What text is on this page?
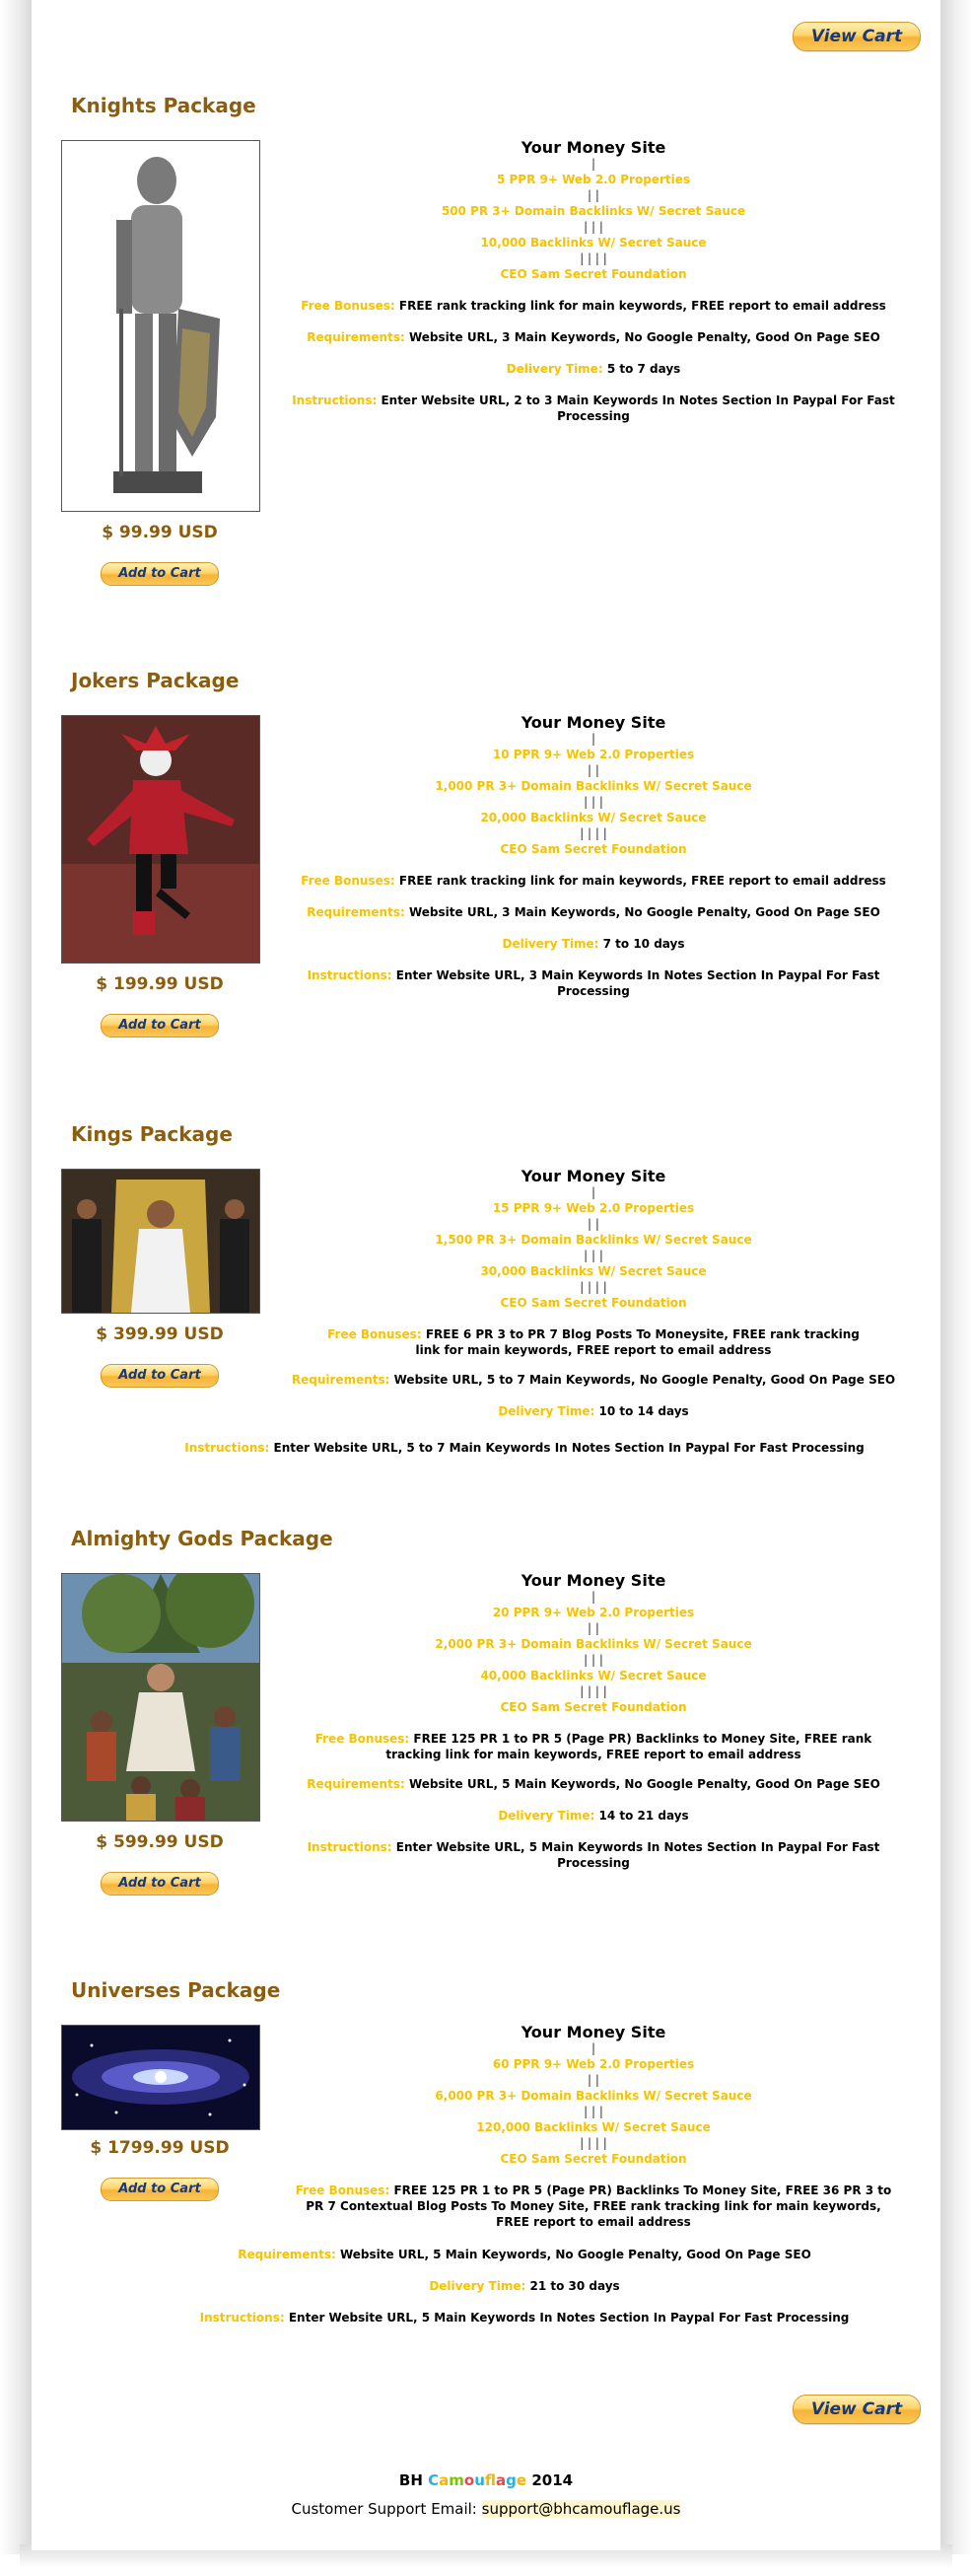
View Cart
Knights Package
$ 99.99 USD
Add to Cart
Your Money Site
|
5 PPR 9+ Web 2.0 Properties
| |
500 PR 3+ Domain Backlinks W/ Secret Sauce
| | |
10,000 Backlinks W/ Secret Sauce
| | | |
CEO Sam Secret Foundation
Free Bonuses: FREE rank tracking link for main keywords, FREE report to email address
Requirements: Website URL, 3 Main Keywords, No Google Penalty, Good On Page SEO
Delivery Time: 5 to 7 days
Instructions: Enter Website URL, 2 to 3 Main Keywords In Notes Section In Paypal For Fast Processing
Jokers Package
$ 199.99 USD
Add to Cart
Your Money Site
|
10 PPR 9+ Web 2.0 Properties
| |
1,000 PR 3+ Domain Backlinks W/ Secret Sauce
| | |
20,000 Backlinks W/ Secret Sauce
| | | |
CEO Sam Secret Foundation
Free Bonuses: FREE rank tracking link for main keywords, FREE report to email address
Requirements: Website URL, 3 Main Keywords, No Google Penalty, Good On Page SEO
Delivery Time: 7 to 10 days
Instructions: Enter Website URL, 3 Main Keywords In Notes Section In Paypal For Fast Processing
Kings Package
$ 399.99 USD
Add to Cart
Your Money Site
|
15 PPR 9+ Web 2.0 Properties
| |
1,500 PR 3+ Domain Backlinks W/ Secret Sauce
| | |
30,000 Backlinks W/ Secret Sauce
| | | |
CEO Sam Secret Foundation
Free Bonuses: FREE 6 PR 3 to PR 7 Blog Posts To Moneysite, FREE rank tracking link for main keywords, FREE report to email address
Requirements: Website URL, 5 to 7 Main Keywords, No Google Penalty, Good On Page SEO
Delivery Time: 10 to 14 days
Instructions: Enter Website URL, 5 to 7 Main Keywords In Notes Section In Paypal For Fast Processing
Almighty Gods Package
$ 599.99 USD
Add to Cart
Your Money Site
|
20 PPR 9+ Web 2.0 Properties
| |
2,000 PR 3+ Domain Backlinks W/ Secret Sauce
| | |
40,000 Backlinks W/ Secret Sauce
| | | |
CEO Sam Secret Foundation
Free Bonuses: FREE 125 PR 1 to PR 5 (Page PR) Backlinks to Money Site, FREE rank tracking link for main keywords, FREE report to email address
Requirements: Website URL, 5 Main Keywords, No Google Penalty, Good On Page SEO
Delivery Time: 14 to 21 days
Instructions: Enter Website URL, 5 Main Keywords In Notes Section In Paypal For Fast Processing
Universes Package
$ 1799.99 USD
Add to Cart
Your Money Site
|
60 PPR 9+ Web 2.0 Properties
| |
6,000 PR 3+ Domain Backlinks W/ Secret Sauce
| | |
120,000 Backlinks W/ Secret Sauce
| | | |
CEO Sam Secret Foundation
Free Bonuses: FREE 125 PR 1 to PR 5 (Page PR) Backlinks To Money Site, FREE 36 PR 3 to PR 7 Contextual Blog Posts To Money Site, FREE rank tracking link for main keywords, FREE report to email address
Requirements: Website URL, 5 Main Keywords, No Google Penalty, Good On Page SEO
Delivery Time: 21 to 30 days
Instructions: Enter Website URL, 5 Main Keywords In Notes Section In Paypal For Fast Processing
View Cart
BH Camoufage 2014
Customer Support Email: support@bhcamouflage.us
